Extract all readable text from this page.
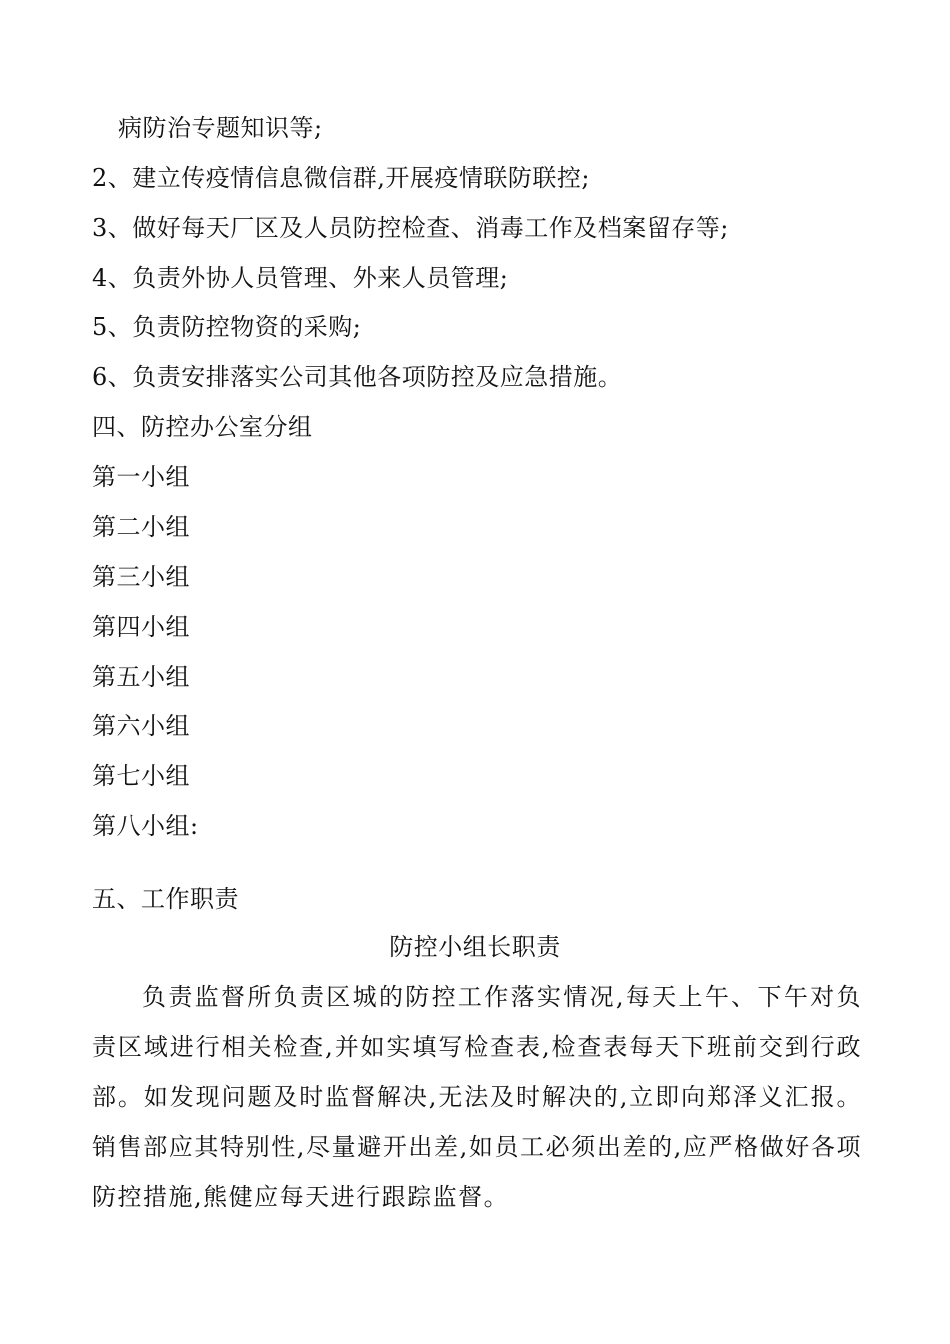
病防治专题知识等;
2、建立传疫情信息微信群,开展疫情联防联控;
3、做好每天厂区及人员防控检查、消毒工作及档案留存等;
4、负责外协人员管理、外来人员管理;
5、负责防控物资的采购;
6、负责安排落实公司其他各项防控及应急措施。
四、防控办公室分组
第一小组
第二小组
第三小组
第四小组
第五小组
第六小组
第七小组
第八小组:
五、工作职责
防控小组长职责
负责监督所负责区城的防控工作落实情况,每天上午、下午对负责区域进行相关检查,并如实填写检查表,检查表每天下班前交到行政部。如发现问题及时监督解决,无法及时解决的,立即向郑泽义汇报。销售部应其特别性,尽量避开出差,如员工必须出差的,应严格做好各项防控措施,熊健应每天进行跟踪监督。
